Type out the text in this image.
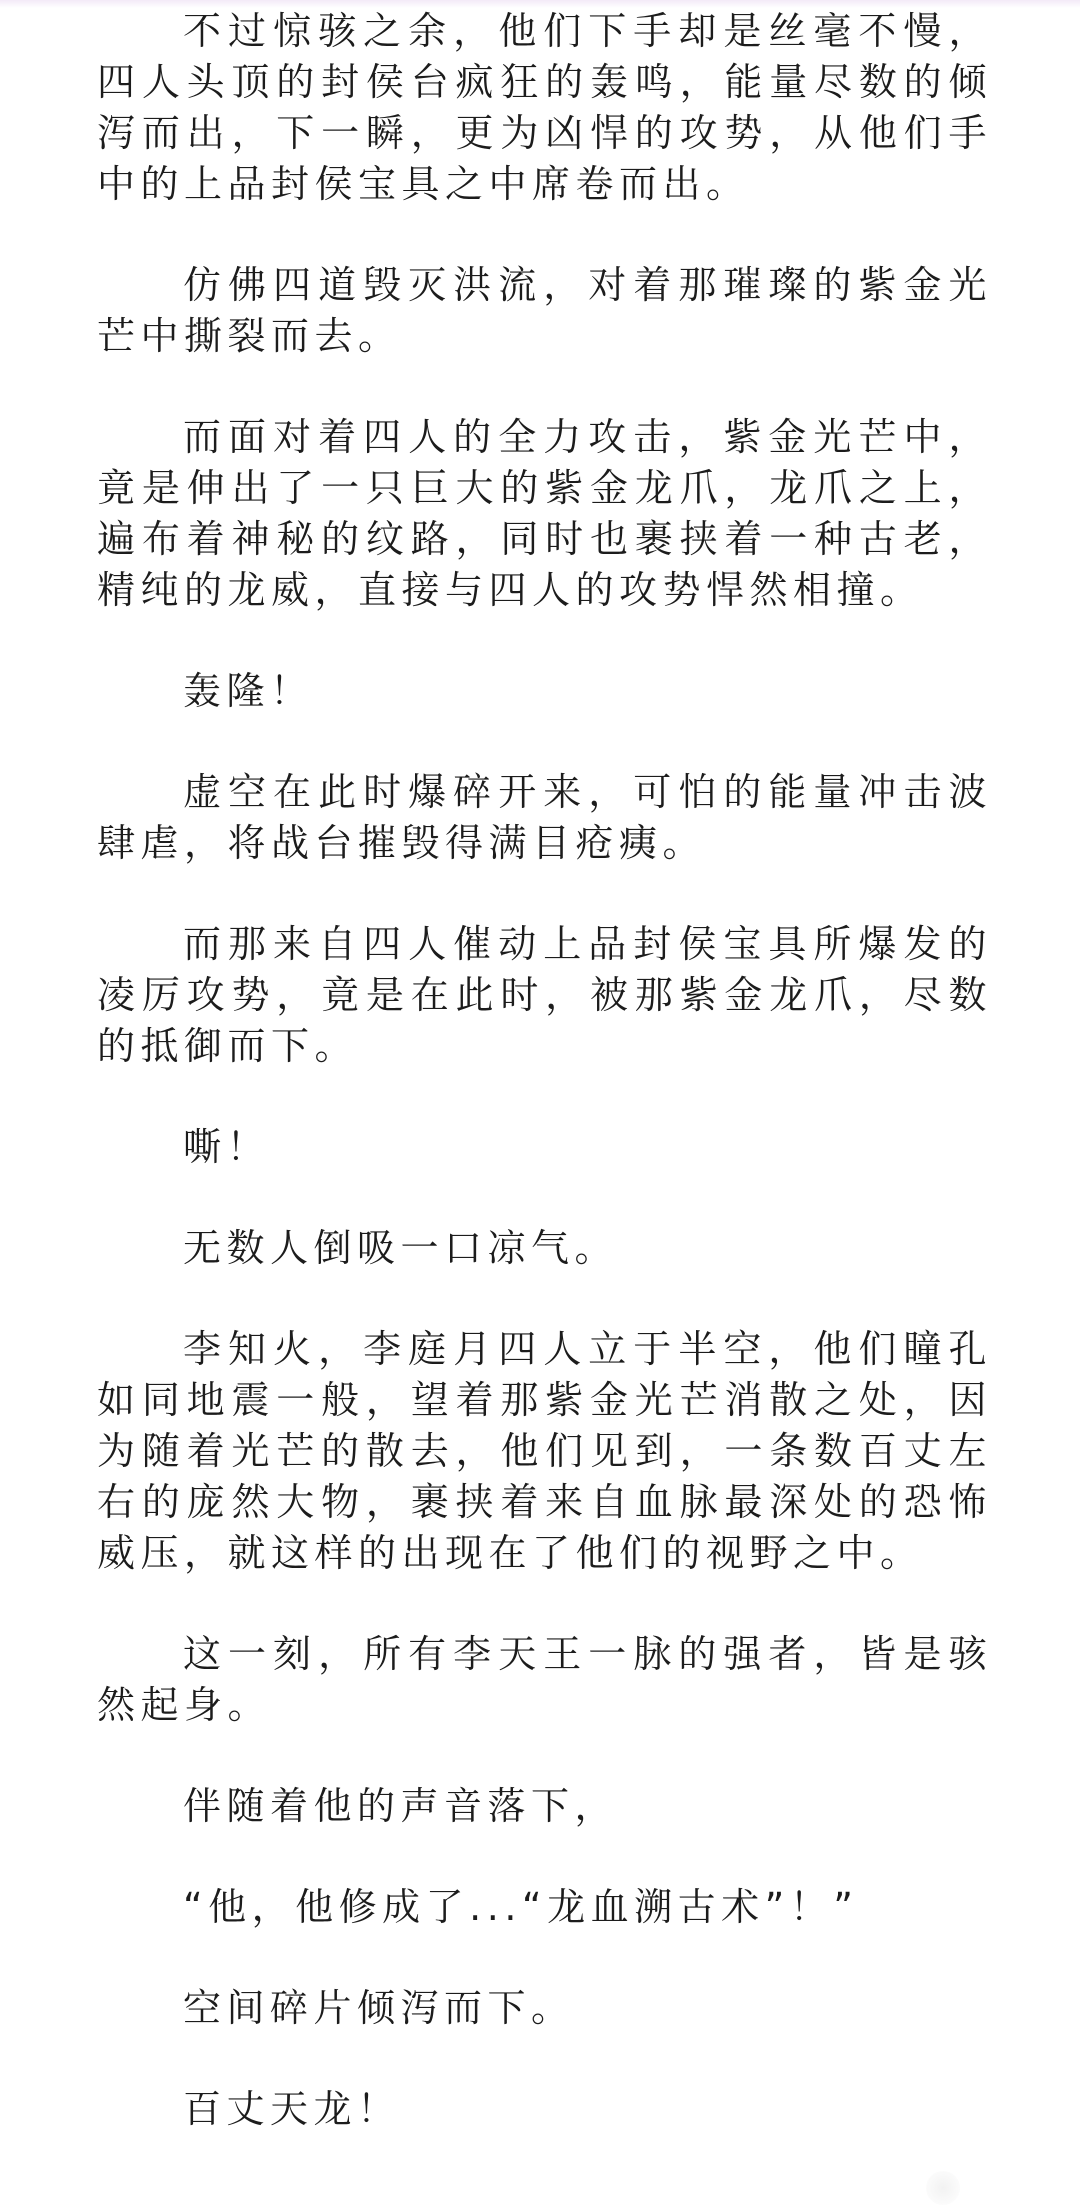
不过惊骇之余，他们下手却是丝毫不慢，四人头顶的封侯台疯狂的轰鸣，能量尽数的倾泻而出，下一瞬，更为凶悍的攻势，从他们手中的上品封侯宝具之中席卷而出。

仿佛四道毁灭洪流，对着那璀璨的紫金光芒中撕裂而去。

而面对着四人的全力攻击，紫金光芒中，竟是伸出了一只巨大的紫金龙爪，龙爪之上，遍布着神秘的纹路，同时也裹挟着一种古老，精纯的龙威，直接与四人的攻势悍然相撞。

轰隆！

虚空在此时爆碎开来，可怕的能量冲击波肆虐，将战台摧毁得满目疮痍。

而那来自四人催动上品封侯宝具所爆发的凌厉攻势，竟是在此时，被那紫金龙爪，尽数的抵御而下。

嘶！

无数人倒吸一口凉气。

李知火，李庭月四人立于半空，他们瞳孔如同地震一般，望着那紫金光芒消散之处，因为随着光芒的散去，他们见到，一条数百丈左右的庞然大物，裹挟着来自血脉最深处的恐怖威压，就这样的出现在了他们的视野之中。

这一刻，所有李天王一脉的强者，皆是骇然起身。

伴随着他的声音落下，

“他，他修成了...“龙血溯古术”！”

空间碎片倾泻而下。

百丈天龙！
